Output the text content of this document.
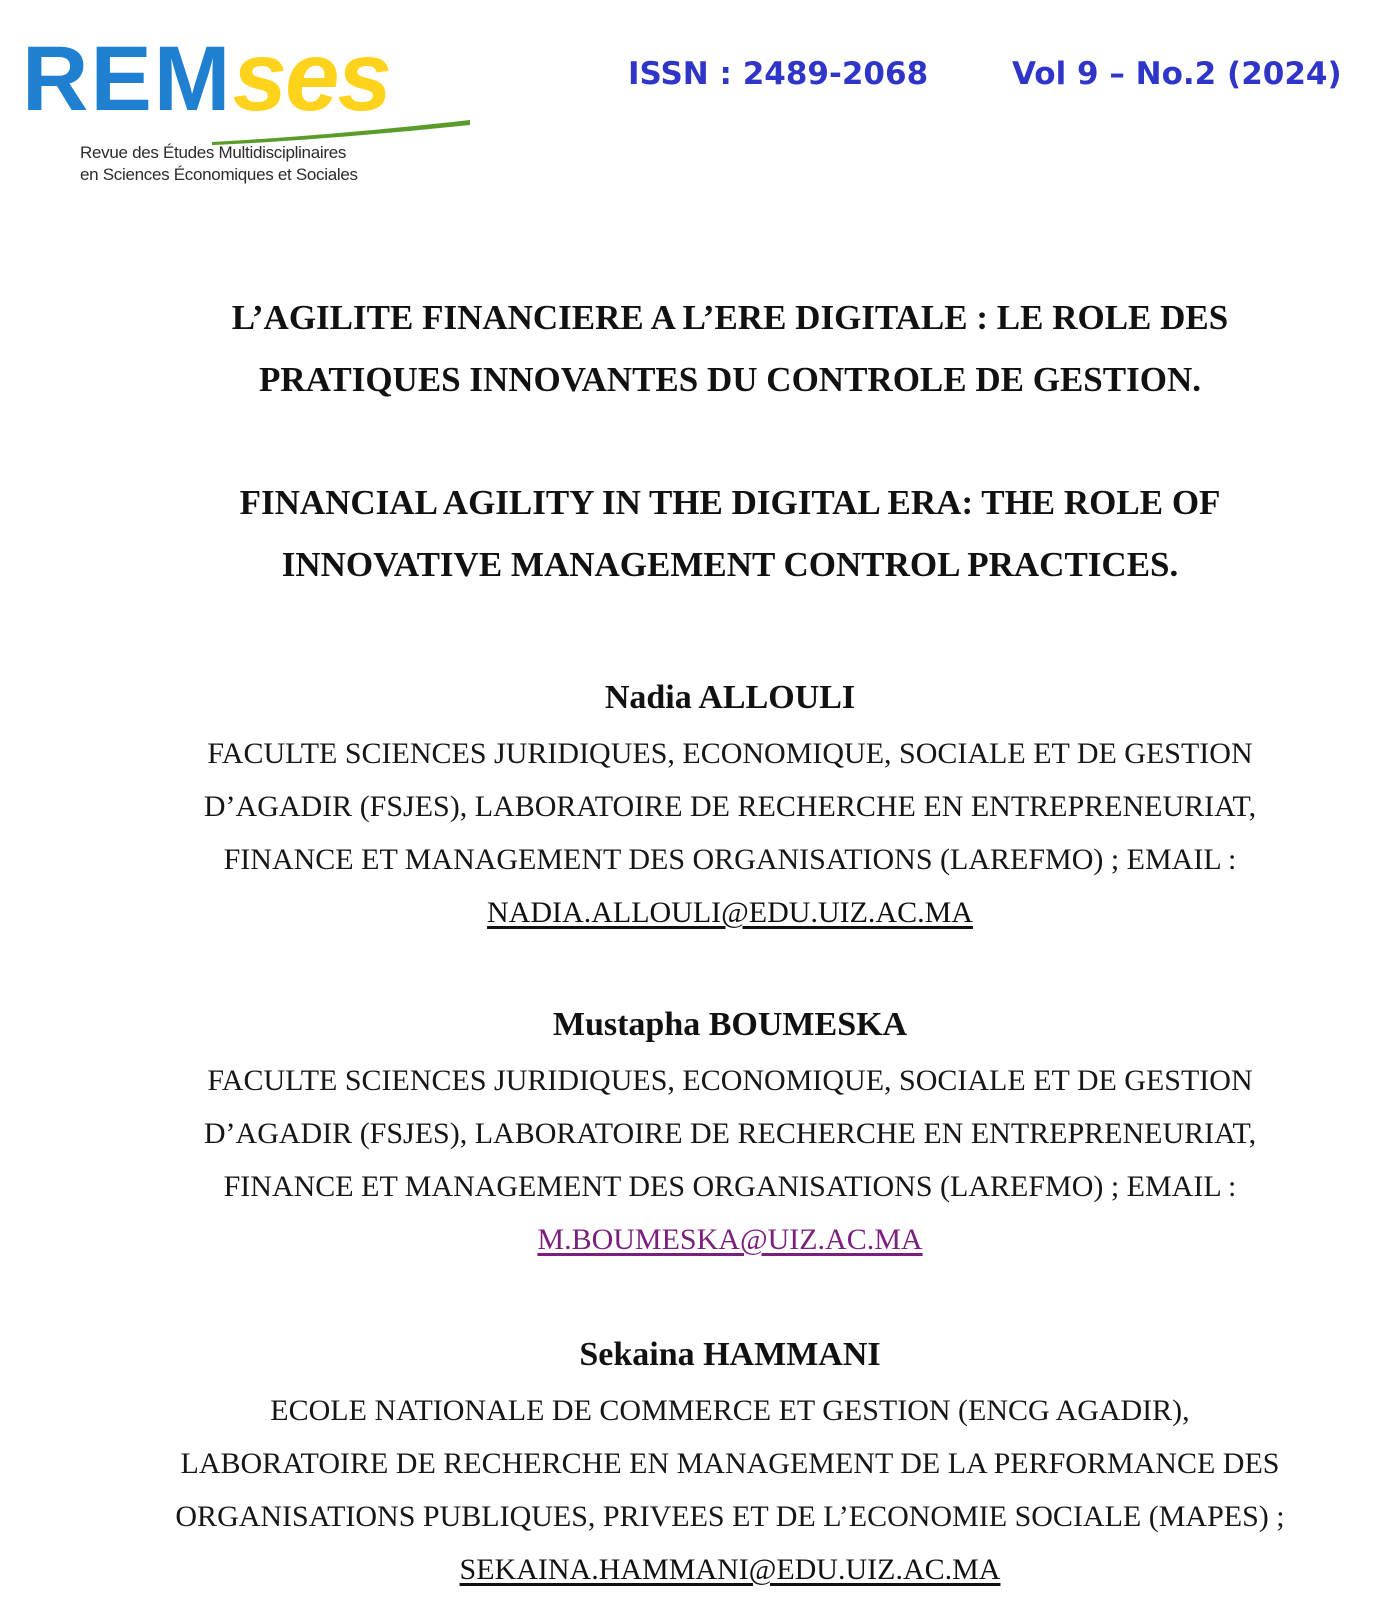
REMses
Revue des Études Multidisciplinaires
en Sciences Économiques et Sociales
ISSN : 2489-2068	Vol 9 – No.2 (2024)
L’AGILITE FINANCIERE A L’ERE DIGITALE : LE ROLE DES
PRATIQUES INNOVANTES DU CONTROLE DE GESTION.
FINANCIAL AGILITY IN THE DIGITAL ERA: THE ROLE OF
INNOVATIVE MANAGEMENT CONTROL PRACTICES.
Nadia ALLOULI
FACULTE SCIENCES JURIDIQUES, ECONOMIQUE, SOCIALE ET DE GESTION
D’AGADIR (FSJES), LABORATOIRE DE RECHERCHE EN ENTREPRENEURIAT,
FINANCE ET MANAGEMENT DES ORGANISATIONS (LAREFMO) ; EMAIL :
NADIA.ALLOULI@EDU.UIZ.AC.MA
Mustapha BOUMESKA
FACULTE SCIENCES JURIDIQUES, ECONOMIQUE, SOCIALE ET DE GESTION
D’AGADIR (FSJES), LABORATOIRE DE RECHERCHE EN ENTREPRENEURIAT,
FINANCE ET MANAGEMENT DES ORGANISATIONS (LAREFMO) ; EMAIL :
M.BOUMESKA@UIZ.AC.MA
Sekaina HAMMANI
ECOLE NATIONALE DE COMMERCE ET GESTION (ENCG AGADIR),
LABORATOIRE DE RECHERCHE EN MANAGEMENT DE LA PERFORMANCE DES
ORGANISATIONS PUBLIQUES, PRIVEES ET DE L’ECONOMIE SOCIALE (MAPES) ;
SEKAINA.HAMMANI@EDU.UIZ.AC.MA
